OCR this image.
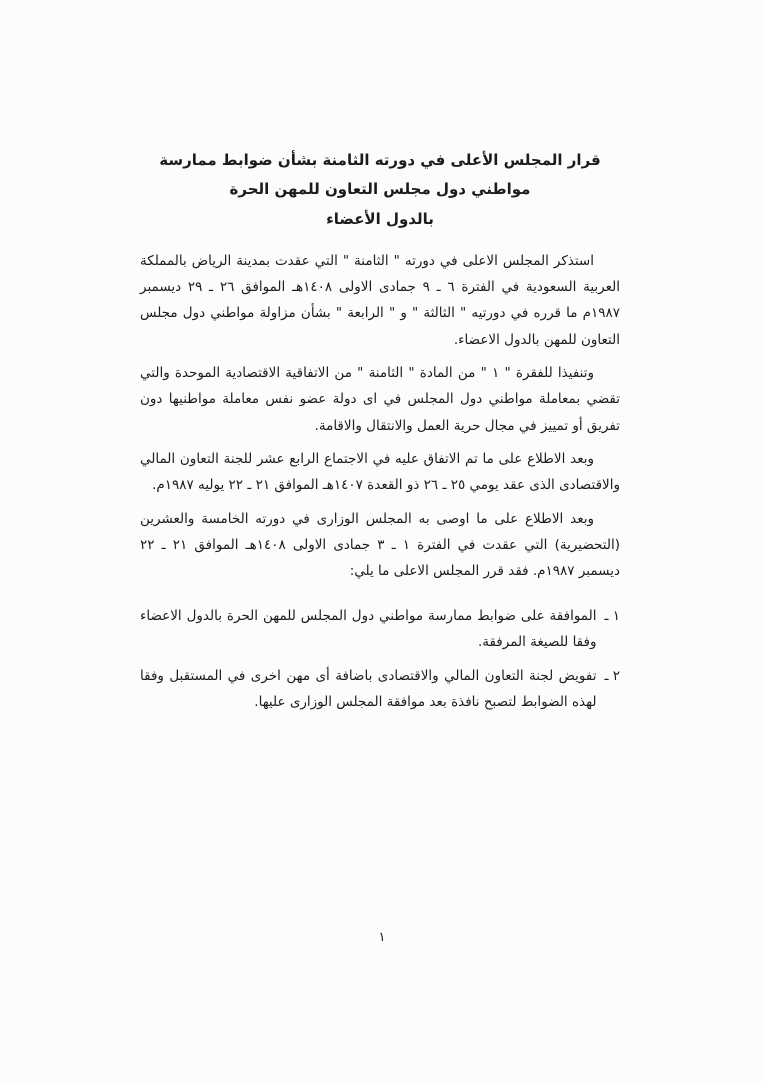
قرار المجلس الأعلى في دورته الثامنة بشأن ضوابط ممارسة
مواطني دول مجلس التعاون للمهن الحرة
بالدول الأعضاء

استذكر المجلس الاعلى في دورته " الثامنة " التي عقدت بمدينة الرياض بالمملكة العربية السعودية في الفترة ٦ ـ ٩ جمادى الاولى ١٤٠٨هـ الموافق ٢٦ ـ ٢٩ ديسمبر ١٩٨٧م ما قرره في دورتيه " الثالثة " و " الرابعة " بشأن مزاولة مواطني دول مجلس التعاون للمهن بالدول الاعضاء.

وتنفيذا للفقرة " ١ " من المادة " الثامنة " من الاتفاقية الاقتصادية الموحدة والتي تقضي بمعاملة مواطني دول المجلس في اى دولة عضو نفس معاملة مواطنيها دون تفريق أو تمييز في مجال حرية العمل والانتقال والاقامة.

وبعد الاطلاع على ما تم الاتفاق عليه في الاجتماع الرابع عشر للجنة التعاون المالي والاقتصادى الذى عقد يومي ٢٥ ـ ٢٦ ذو القعدة ١٤٠٧هـ الموافق ٢١ ـ ٢٢ يوليه ١٩٨٧م.

وبعد الاطلاع على ما اوصى به المجلس الوزارى في دورته الخامسة والعشرين (التحضيرية) التي عقدت في الفترة ١ ـ ٣ جمادى الاولى ١٤٠٨هـ الموافق ٢١ ـ ٢٢ ديسمبر ١٩٨٧م. فقد قرر المجلس الاعلى ما يلي:

١ ـ
الموافقة على ضوابط ممارسة مواطني دول المجلس للمهن الحرة بالدول الاعضاء وفقا للصيغة المرفقة.
٢ ـ
تفويض لجنة التعاون المالي والاقتصادى باضافة أى مهن اخرى في المستقبل وفقا لهذه الضوابط لتصبح نافذة بعد موافقة المجلس الوزارى عليها.
١
